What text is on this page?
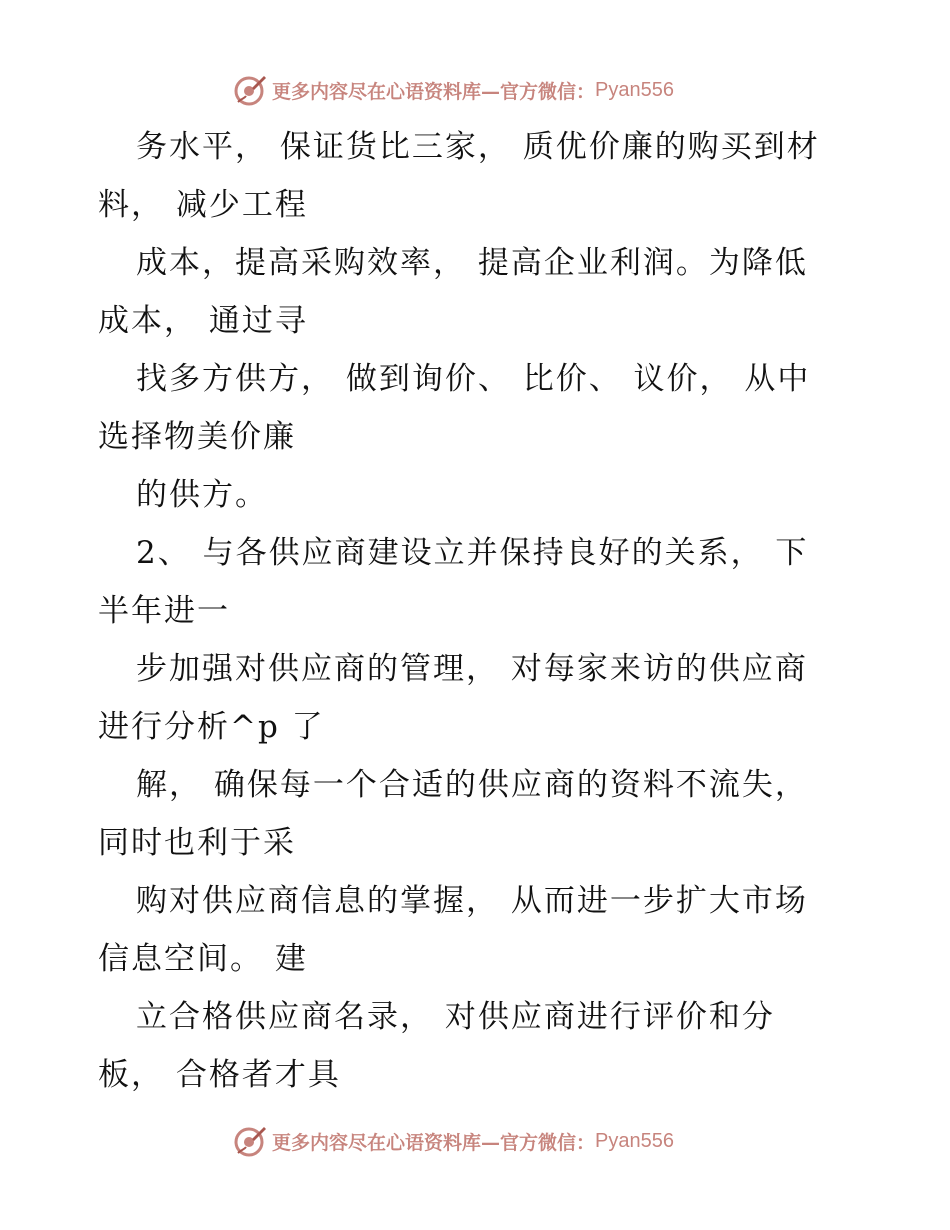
更多内容尽在心语资料库—官方微信： Pyan556
务水平， 保证货比三家， 质优价廉的购买到材
料， 减少工程
成本，提高采购效率， 提高企业利润。为降低
成本， 通过寻
找多方供方， 做到询价、 比价、 议价， 从中
选择物美价廉
的供方。
2、 与各供应商建设立并保持良好的关系， 下
半年进一
步加强对供应商的管理， 对每家来访的供应商
进行分析^p 了
解， 确保每一个合适的供应商的资料不流失，
同时也利于采
购对供应商信息的掌握， 从而进一步扩大市场
信息空间。 建
立合格供应商名录， 对供应商进行评价和分
板， 合格者才具
更多内容尽在心语资料库—官方微信： Pyan556
